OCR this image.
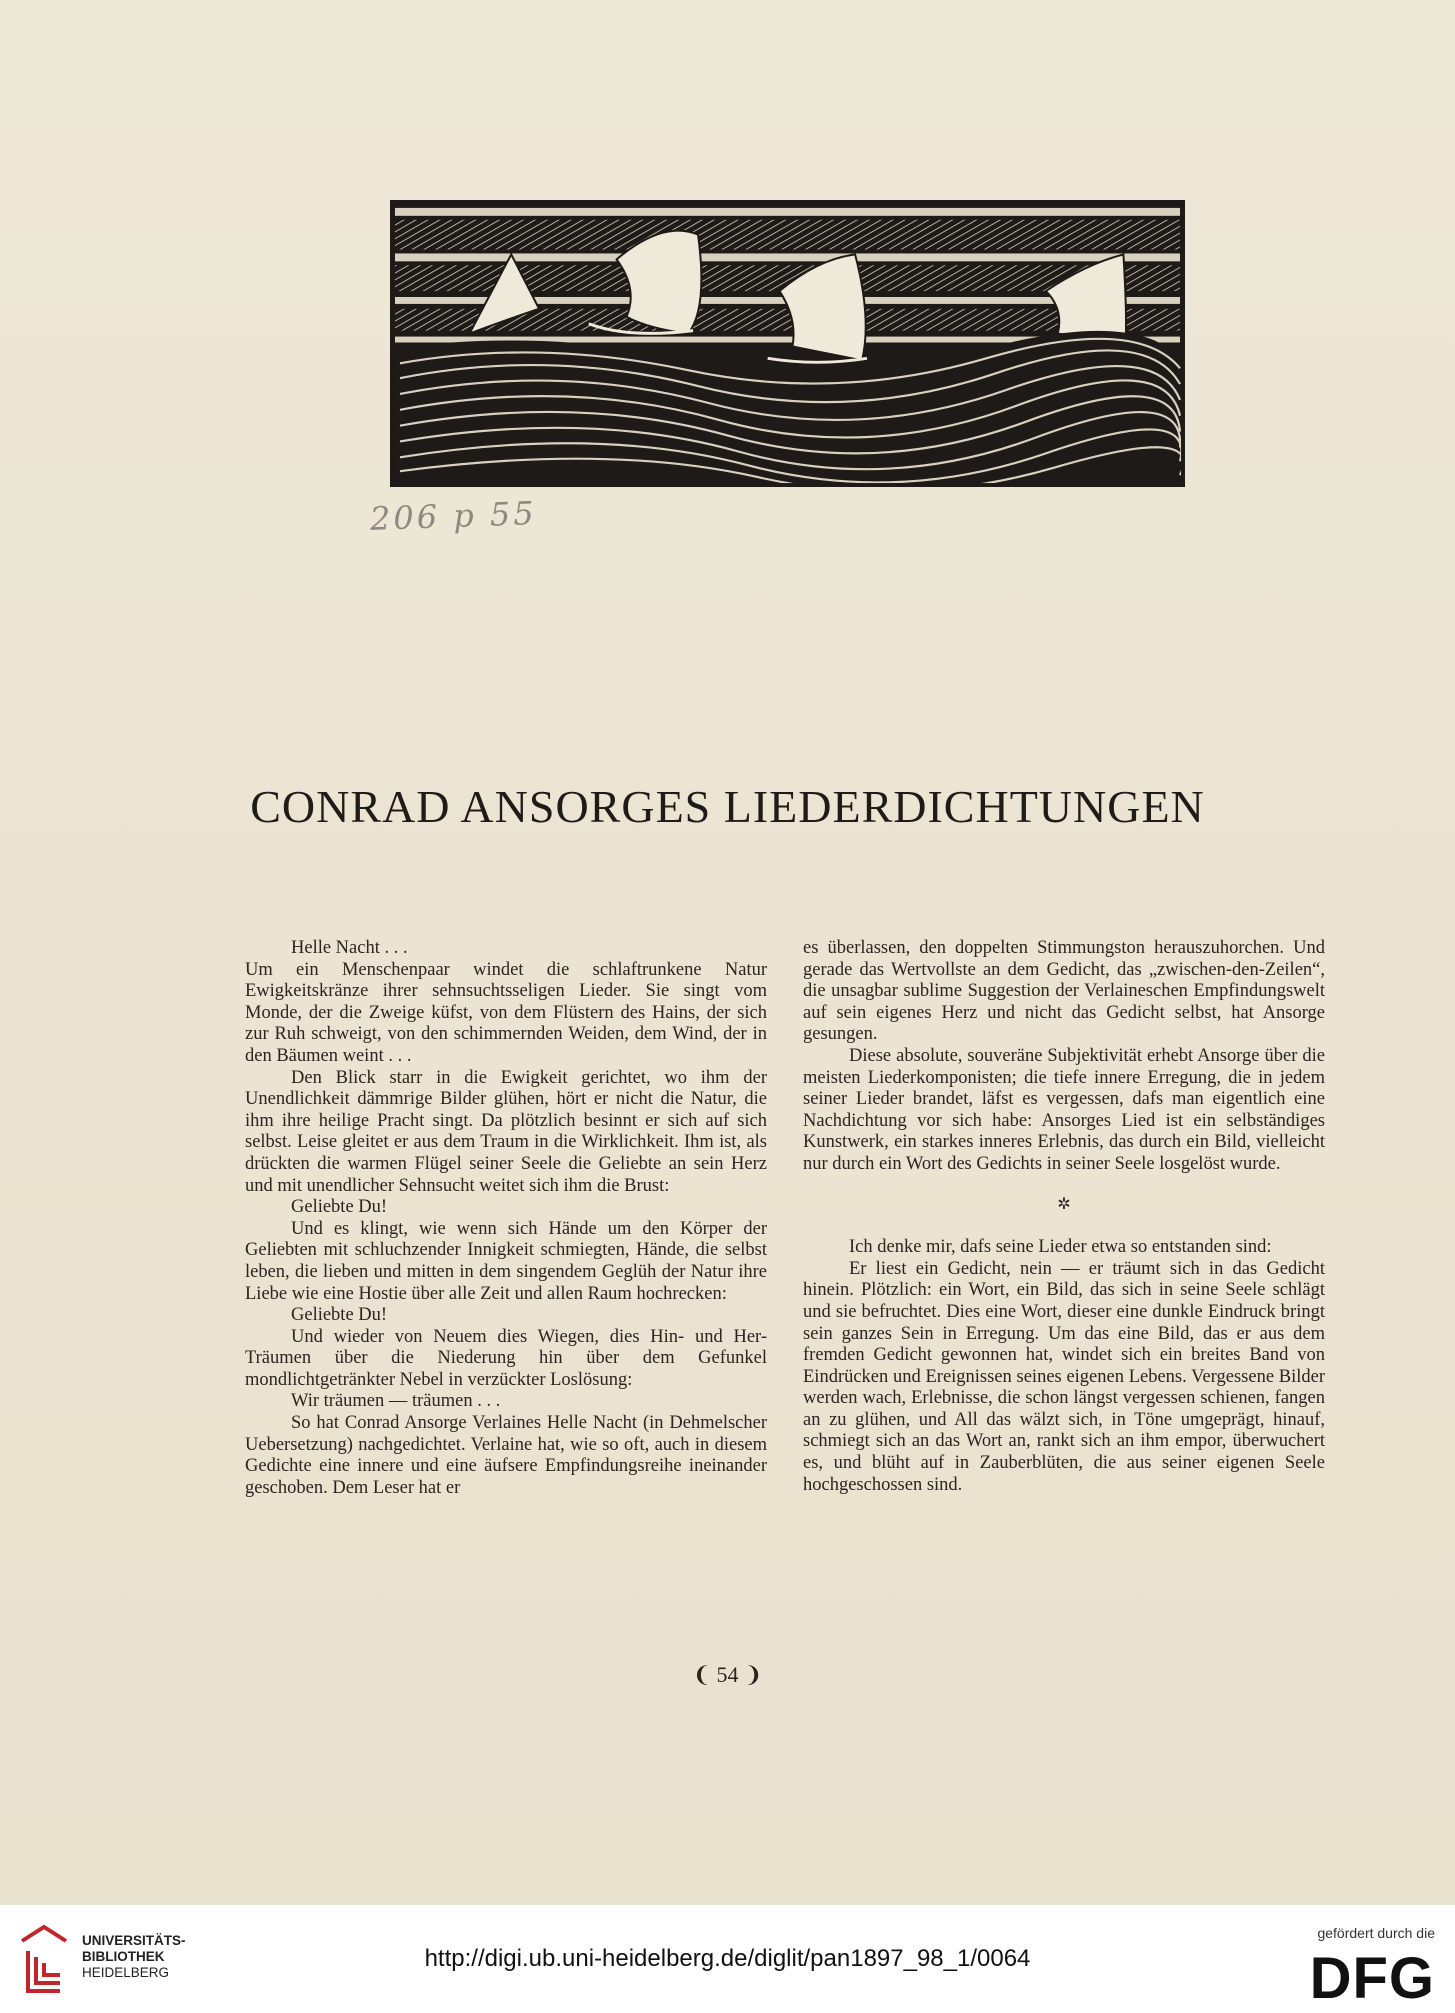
206 p 55
CONRAD ANSORGES LIEDERDICHTUNGEN

Helle Nacht . . .

Um ein Menschenpaar windet die schlaftrunkene Natur Ewigkeitskränze ihrer sehnsuchtsseligen Lieder. Sie singt vom Monde, der die Zweige küfst, von dem Flüstern des Hains, der sich zur Ruh schweigt, von den schimmernden Weiden, dem Wind, der in den Bäumen weint . . .

Den Blick starr in die Ewigkeit gerichtet, wo ihm der Unendlichkeit dämmrige Bilder glühen, hört er nicht die Natur, die ihm ihre heilige Pracht singt. Da plötzlich besinnt er sich auf sich selbst. Leise gleitet er aus dem Traum in die Wirklichkeit. Ihm ist, als drückten die warmen Flügel seiner Seele die Geliebte an sein Herz und mit unendlicher Sehnsucht weitet sich ihm die Brust:

Geliebte Du!

Und es klingt, wie wenn sich Hände um den Körper der Geliebten mit schluchzender Innigkeit schmiegten, Hände, die selbst leben, die lieben und mitten in dem singendem Geglüh der Natur ihre Liebe wie eine Hostie über alle Zeit und allen Raum hochrecken:

Geliebte Du!

Und wieder von Neuem dies Wiegen, dies Hin- und Her-Träumen über die Niederung hin über dem Gefunkel mondlichtgetränkter Nebel in verzückter Loslösung:

Wir träumen — träumen . . .

So hat Conrad Ansorge Verlaines Helle Nacht (in Dehmelscher Uebersetzung) nachgedichtet. Verlaine hat, wie so oft, auch in diesem Gedichte eine innere und eine äufsere Empfindungsreihe ineinander geschoben. Dem Leser hat er

es überlassen, den doppelten Stimmungston herauszuhorchen. Und gerade das Wertvollste an dem Gedicht, das „zwischen-den-Zeilen“, die unsagbar sublime Suggestion der Verlaineschen Empfindungswelt auf sein eigenes Herz und nicht das Gedicht selbst, hat Ansorge gesungen.

Diese absolute, souveräne Subjektivität erhebt Ansorge über die meisten Liederkomponisten; die tiefe innere Erregung, die in jedem seiner Lieder brandet, läfst es vergessen, dafs man eigentlich eine Nachdichtung vor sich habe: Ansorges Lied ist ein selbständiges Kunstwerk, ein starkes inneres Erlebnis, das durch ein Bild, vielleicht nur durch ein Wort des Gedichts in seiner Seele losgelöst wurde.

✲

Ich denke mir, dafs seine Lieder etwa so entstanden sind:

Er liest ein Gedicht, nein — er träumt sich in das Gedicht hinein. Plötzlich: ein Wort, ein Bild, das sich in seine Seele schlägt und sie befruchtet. Dies eine Wort, dieser eine dunkle Eindruck bringt sein ganzes Sein in Erregung. Um das eine Bild, das er aus dem fremden Gedicht gewonnen hat, windet sich ein breites Band von Eindrücken und Ereignissen seines eigenen Lebens. Vergessene Bilder werden wach, Erlebnisse, die schon längst vergessen schienen, fangen an zu glühen, und All das wälzt sich, in Töne umgeprägt, hinauf, schmiegt sich an das Wort an, rankt sich an ihm empor, überwuchert es, und blüht auf in Zauberblüten, die aus seiner eigenen Seele hochgeschossen sind.

❨ 54 ❩
UNIVERSITÄTS-
BIBLIOTHEK
HEIDELBERG
http://digi.ub.uni-heidelberg.de/diglit/pan1897_98_1/0064
gefördert durch die
DFG
